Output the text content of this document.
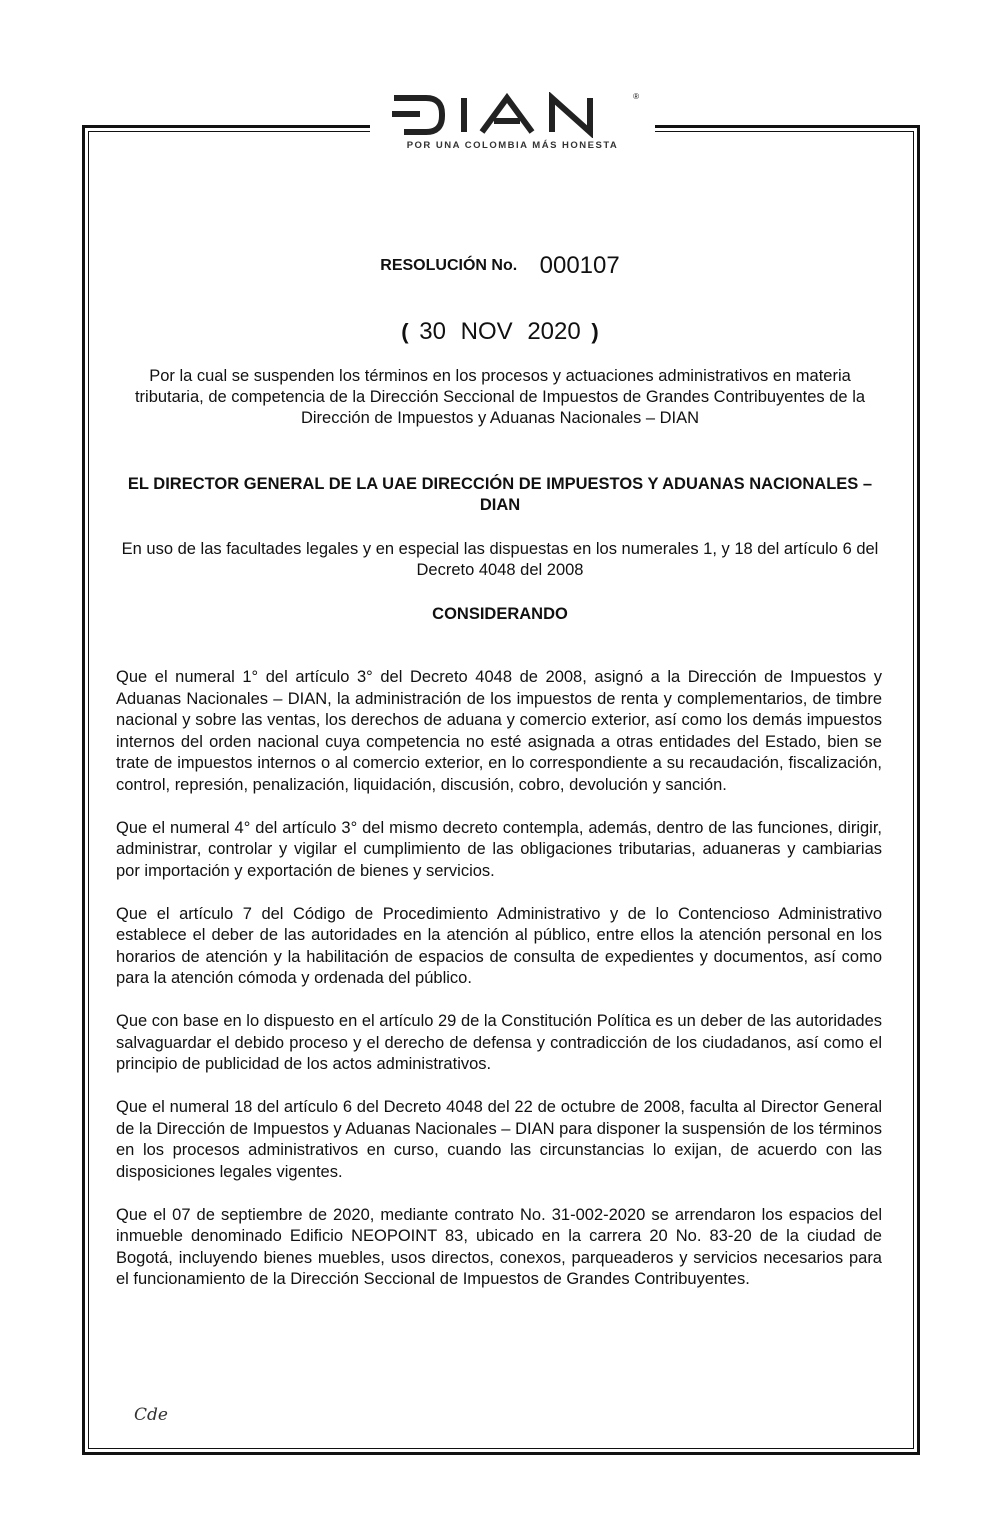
®
POR UNA COLOMBIA MÁS HONESTA
RESOLUCIÓN No. 000107
( 30 NOV 2020 )
Por la cual se suspenden los términos en los procesos y actuaciones administrativos en materia tributaria, de competencia de la Dirección Seccional de Impuestos de Grandes Contribuyentes de la Dirección de Impuestos y Aduanas Nacionales – DIAN
EL DIRECTOR GENERAL DE LA UAE DIRECCIÓN DE IMPUESTOS Y ADUANAS NACIONALES – DIAN
En uso de las facultades legales y en especial las dispuestas en los numerales 1, y 18 del artículo 6 del Decreto 4048 del 2008
CONSIDERANDO

Que el numeral 1° del artículo 3° del Decreto 4048 de 2008, asignó a la Dirección de Impuestos y Aduanas Nacionales – DIAN, la administración de los impuestos de renta y complementarios, de timbre nacional y sobre las ventas, los derechos de aduana y comercio exterior, así como los demás impuestos internos del orden nacional cuya competencia no esté asignada a otras entidades del Estado, bien se trate de impuestos internos o al comercio exterior, en lo correspondiente a su recaudación, fiscalización, control, represión, penalización, liquidación, discusión, cobro, devolución y sanción.

Que el numeral 4° del artículo 3° del mismo decreto contempla, además, dentro de las funciones, dirigir, administrar, controlar y vigilar el cumplimiento de las obligaciones tributarias, aduaneras y cambiarias por importación y exportación de bienes y servicios.

Que el artículo 7 del Código de Procedimiento Administrativo y de lo Contencioso Administrativo establece el deber de las autoridades en la atención al público, entre ellos la atención personal en los horarios de atención y la habilitación de espacios de consulta de expedientes y documentos, así como para la atención cómoda y ordenada del público.

Que con base en lo dispuesto en el artículo 29 de la Constitución Política es un deber de las autoridades salvaguardar el debido proceso y el derecho de defensa y contradicción de los ciudadanos, así como el principio de publicidad de los actos administrativos.

Que el numeral 18 del artículo 6 del Decreto 4048 del 22 de octubre de 2008, faculta al Director General de la Dirección de Impuestos y Aduanas Nacionales – DIAN para disponer la suspensión de los términos en los procesos administrativos en curso, cuando las circunstancias lo exijan, de acuerdo con las disposiciones legales vigentes.

Que el 07 de septiembre de 2020, mediante contrato No. 31-002-2020 se arrendaron los espacios del inmueble denominado Edificio NEOPOINT 83, ubicado en la carrera 20 No. 83-20 de la ciudad de Bogotá, incluyendo bienes muebles, usos directos, conexos, parqueaderos y servicios necesarios para el funcionamiento de la Dirección Seccional de Impuestos de Grandes Contribuyentes.

Cde
